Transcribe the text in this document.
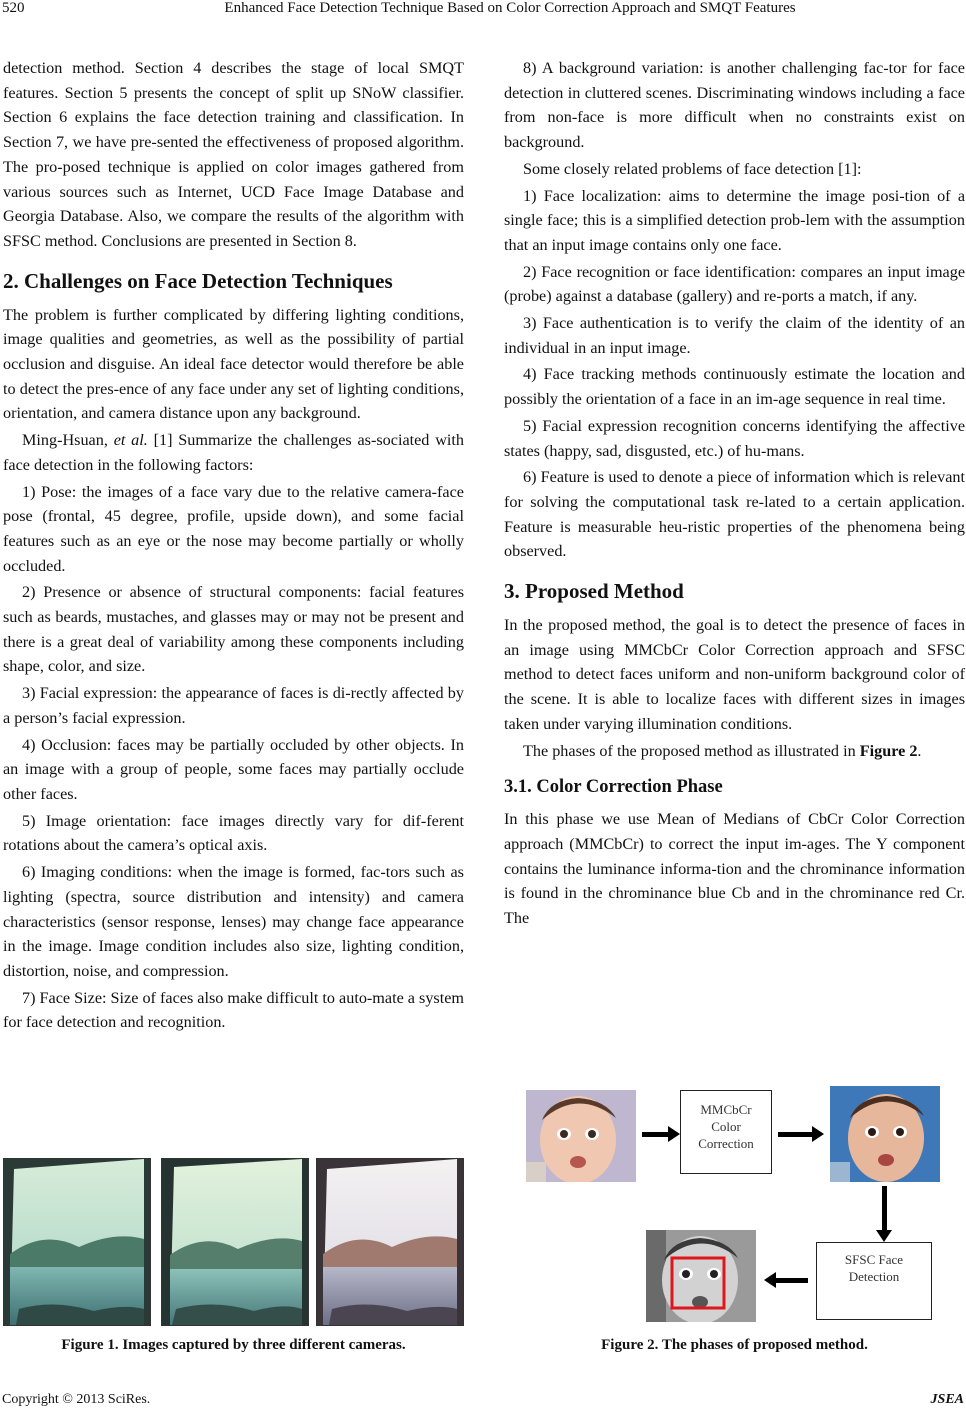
520	Enhanced Face Detection Technique Based on Color Correction Approach and SMQT Features

detection method. Section 4 describes the stage of local SMQT features. Section 5 presents the concept of split up SNoW classifier. Section 6 explains the face detection training and classification. In Section 7, we have pre-sented the effectiveness of proposed algorithm. The pro-posed technique is applied on color images gathered from various sources such as Internet, UCD Face Image Database and Georgia Database. Also, we compare the results of the algorithm with SFSC method. Conclusions are presented in Section 8.

2. Challenges on Face Detection Techniques

The problem is further complicated by differing lighting conditions, image qualities and geometries, as well as the possibility of partial occlusion and disguise. An ideal face detector would therefore be able to detect the pres-ence of any face under any set of lighting conditions, orientation, and camera distance upon any background.

Ming-Hsuan, et al. [1] Summarize the challenges as-sociated with face detection in the following factors:

1) Pose: the images of a face vary due to the relative camera-face pose (frontal, 45 degree, profile, upside down), and some facial features such as an eye or the nose may become partially or wholly occluded.

2) Presence or absence of structural components: facial features such as beards, mustaches, and glasses may or may not be present and there is a great deal of variability among these components including shape, color, and size.

3) Facial expression: the appearance of faces is di-rectly affected by a person’s facial expression.

4) Occlusion: faces may be partially occluded by other objects. In an image with a group of people, some faces may partially occlude other faces.

5) Image orientation: face images directly vary for dif-ferent rotations about the camera’s optical axis.

6) Imaging conditions: when the image is formed, fac-tors such as lighting (spectra, source distribution and intensity) and camera characteristics (sensor response, lenses) may change face appearance in the image. Image condition includes also size, lighting condition, distortion, noise, and compression.

7) Face Size: Size of faces also make difficult to auto-mate a system for face detection and recognition.

8) A background variation: is another challenging fac-tor for face detection in cluttered scenes. Discriminating windows including a face from non-face is more difficult when no constraints exist on background.

Some closely related problems of face detection [1]:

1) Face localization: aims to determine the image posi-tion of a single face; this is a simplified detection prob-lem with the assumption that an input image contains only one face.

2) Face recognition or face identification: compares an input image (probe) against a database (gallery) and re-ports a match, if any.

3) Face authentication is to verify the claim of the identity of an individual in an input image.

4) Face tracking methods continuously estimate the location and possibly the orientation of a face in an im-age sequence in real time.

5) Facial expression recognition concerns identifying the affective states (happy, sad, disgusted, etc.) of hu-mans.

6) Feature is used to denote a piece of information which is relevant for solving the computational task re-lated to a certain application. Feature is measurable heu-ristic properties of the phenomena being observed.

3. Proposed Method

In the proposed method, the goal is to detect the presence of faces in an image using MMCbCr Color Correction approach and SFSC method to detect faces uniform and non-uniform background color of the scene. It is able to localize faces with different sizes in images taken under varying illumination conditions.

The phases of the proposed method as illustrated in Figure 2.

3.1. Color Correction Phase

In this phase we use Mean of Medians of CbCr Color Correction approach (MMCbCr) to correct the input im-ages. The Y component contains the luminance informa-tion and the chrominance information is found in the chrominance blue Cb and in the chrominance red Cr. The

Figure 1. Images captured by three different cameras.
MMCbCr
Color
Correction
SFSC Face
Detection
Figure 2. The phases of proposed method.
Copyright © 2013 SciRes.	JSEA
